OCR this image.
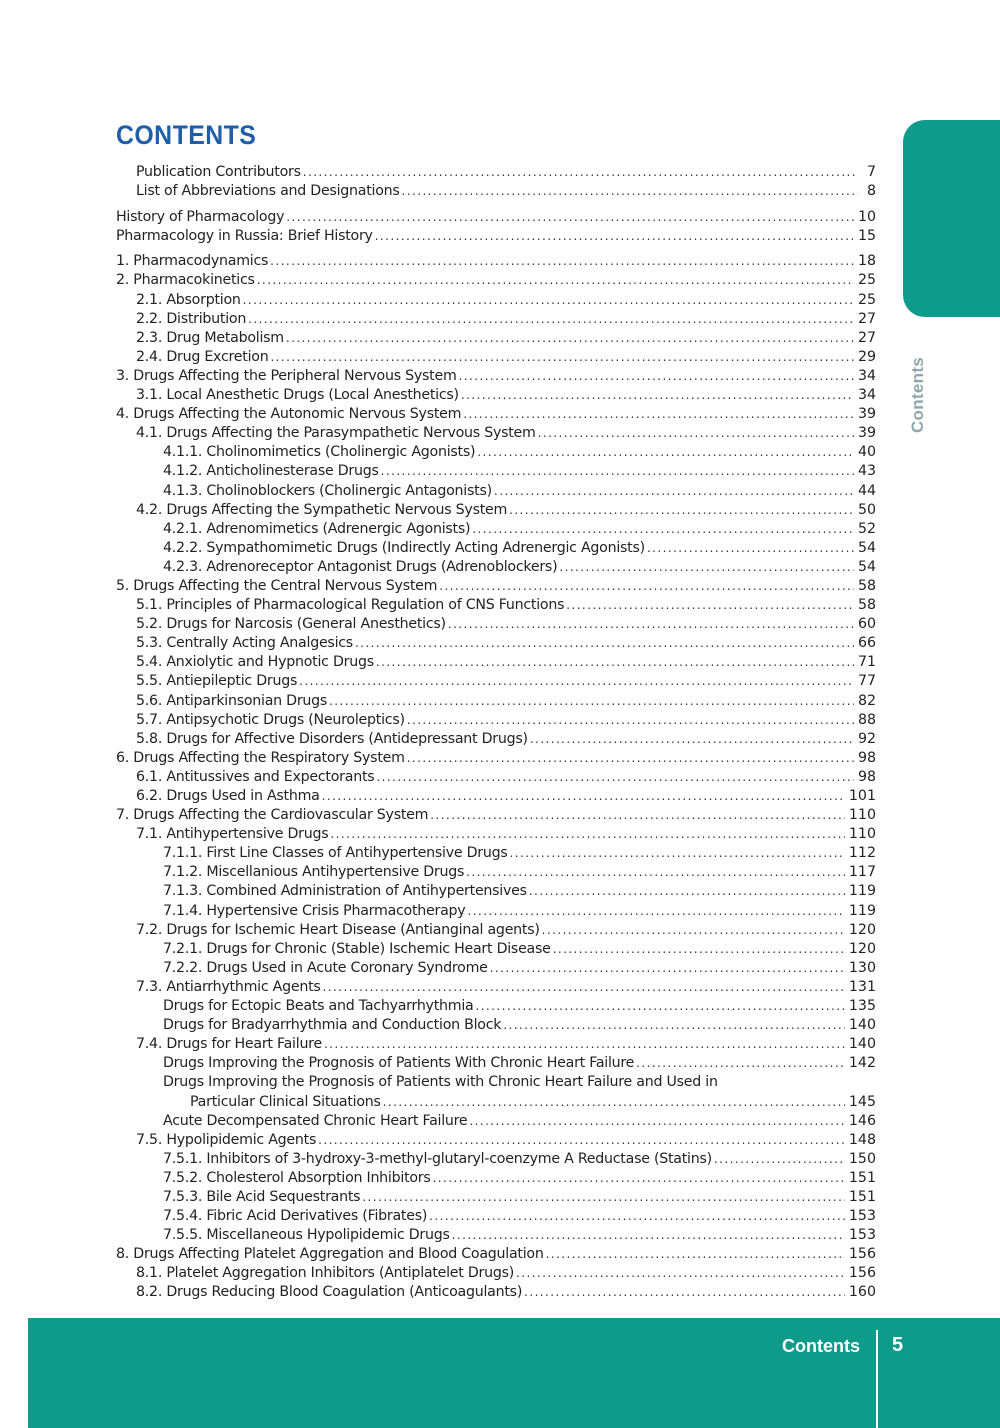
CONTENTS
Publication Contributors . . .	7
List of Abbreviations and Designations . . .	8
History of Pharmacology . . .	10
Pharmacology in Russia: Brief History . . .	15
1. Pharmacodynamics . . .	18
2. Pharmacokinetics . . .	25
2.1. Absorption . . .	25
2.2. Distribution . . .	27
2.3. Drug Metabolism . . .	27
2.4. Drug Excretion . . .	29
3. Drugs Affecting the Peripheral Nervous System . . .	34
3.1. Local Anesthetic Drugs (Local Anesthetics) . . .	34
4. Drugs Affecting the Autonomic Nervous System . . .	39
4.1. Drugs Affecting the Parasympathetic Nervous System . . .	39
4.1.1. Cholinomimetics (Cholinergic Agonists) . . .	40
4.1.2. Anticholinesterase Drugs . . .	43
4.1.3. Cholinoblockers (Cholinergic Antagonists) . . .	44
4.2. Drugs Affecting the Sympathetic Nervous System . . .	50
4.2.1. Adrenomimetics (Adrenergic Agonists) . . .	52
4.2.2. Sympathomimetic Drugs (Indirectly Acting Adrenergic Agonists) . . .	54
4.2.3. Adrenoreceptor Antagonist Drugs (Adrenoblockers) . . .	54
5. Drugs Affecting the Central Nervous System . . .	58
5.1. Principles of Pharmacological Regulation of CNS Functions . . .	58
5.2. Drugs for Narcosis (General Anesthetics) . . .	60
5.3. Centrally Acting Analgesics . . .	66
5.4. Anxiolytic and Hypnotic Drugs . . .	71
5.5. Antiepileptic Drugs . . .	77
5.6. Antiparkinsonian Drugs . . .	82
5.7. Antipsychotic Drugs (Neuroleptics) . . .	88
5.8. Drugs for Affective Disorders (Antidepressant Drugs) . . .	92
6. Drugs Affecting the Respiratory System . . .	98
6.1. Antitussives and Expectorants . . .	98
6.2. Drugs Used in Asthma . . .	101
7. Drugs Affecting the Cardiovascular System . . .	110
7.1. Antihypertensive Drugs . . .	110
7.1.1. First Line Classes of Antihypertensive Drugs . . .	112
7.1.2. Miscellanious Antihypertensive Drugs . . .	117
7.1.3. Combined Administration of Antihypertensives . . .	119
7.1.4. Hypertensive Crisis Pharmacotherapy . . .	119
7.2. Drugs for Ischemic Heart Disease (Antianginal agents) . . .	120
7.2.1. Drugs for Chronic (Stable) Ischemic Heart Disease . . .	120
7.2.2. Drugs Used in Acute Coronary Syndrome . . .	130
7.3. Antiarrhythmic Agents . . .	131
Drugs for Ectopic Beats and Tachyarrhythmia . . .	135
Drugs for Bradyarrhythmia and Conduction Block . . .	140
7.4. Drugs for Heart Failure . . .	140
Drugs Improving the Prognosis of Patients With Chronic Heart Failure . . .	142
Drugs Improving the Prognosis of Patients with Chronic Heart Failure and Used in
Particular Clinical Situations . . .	145
Acute Decompensated Chronic Heart Failure . . .	146
7.5. Hypolipidemic Agents . . .	148
7.5.1. Inhibitors of 3-hydroxy-3-methyl-glutaryl-coenzyme A Reductase (Statins) . . .	150
7.5.2. Cholesterol Absorption Inhibitors . . .	151
7.5.3. Bile Acid Sequestrants . . .	151
7.5.4. Fibric Acid Derivatives (Fibrates) . . .	153
7.5.5. Miscellaneous Hypolipidemic Drugs . . .	153
8. Drugs Affecting Platelet Aggregation and Blood Coagulation . . .	156
8.1. Platelet Aggregation Inhibitors (Antiplatelet Drugs) . . .	156
8.2. Drugs Reducing Blood Coagulation (Anticoagulants) . . .	160
Contents
Contents 5
